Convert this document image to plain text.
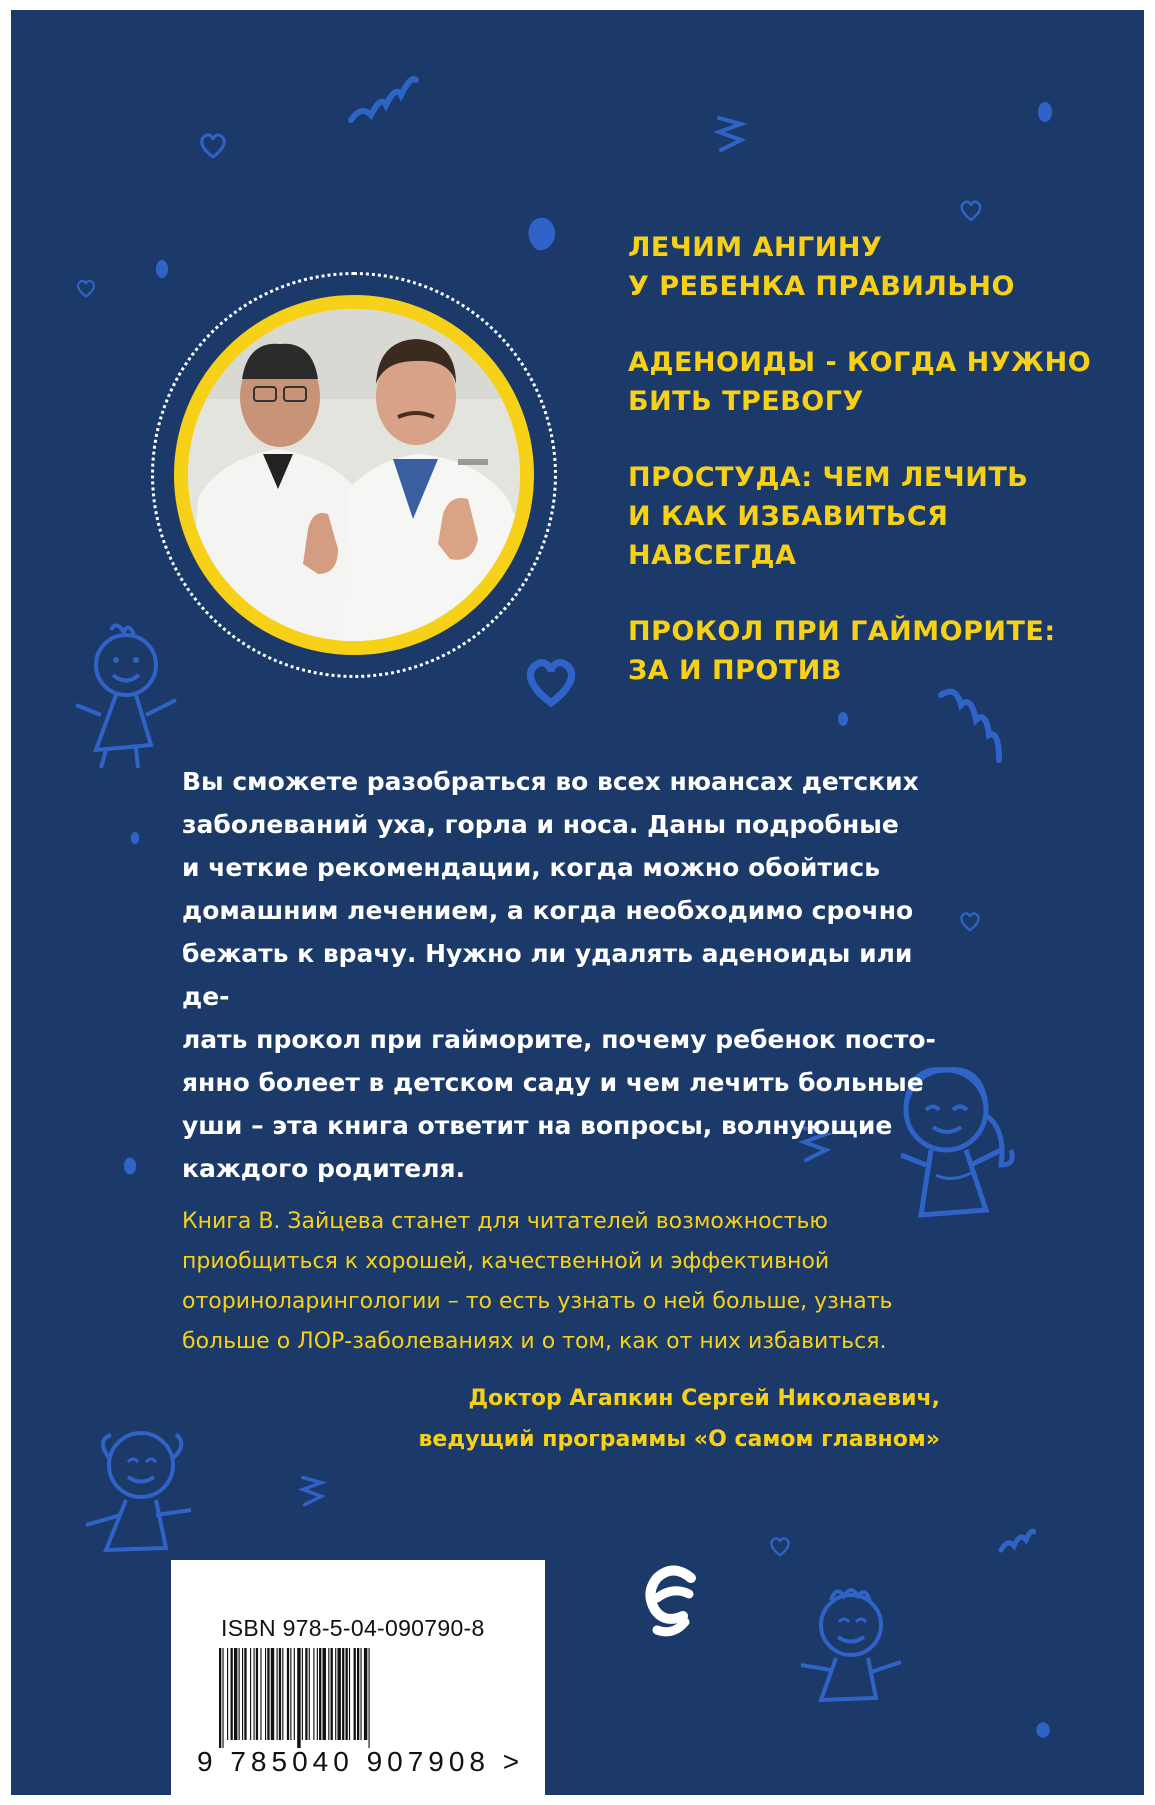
ЛЕЧИМ АНГИНУ
У РЕБЕНКА ПРАВИЛЬНО
АДЕНОИДЫ - КОГДА НУЖНО
БИТЬ ТРЕВОГУ
ПРОСТУДА: ЧЕМ ЛЕЧИТЬ
И КАК ИЗБАВИТЬСЯ
НАВСЕГДА
ПРОКОЛ ПРИ ГАЙМОРИТЕ:
ЗА И ПРОТИВ
Вы сможете разобраться во всех нюансах детских
заболеваний уха, горла и носа. Даны подробные
и четкие рекомендации, когда можно обойтись
домашним лечением, а когда необходимо срочно
бежать к врачу. Нужно ли удалять аденоиды или де-
лать прокол при гайморите, почему ребенок посто-
янно болеет в детском саду и чем лечить больные
уши – эта книга ответит на вопросы, волнующие
каждого родителя.
Книга В. Зайцева станет для читателей возможностью
приобщиться к хорошей, качественной и эффективной
оториноларингологии – то есть узнать о ней больше, узнать
больше о ЛОР-заболеваниях и о том, как от них избавиться.
Доктор Агапкин Сергей Николаевич,
ведущий программы «О самом главном»
ISBN 978-5-04-090790-8
9 785040 907908 >
